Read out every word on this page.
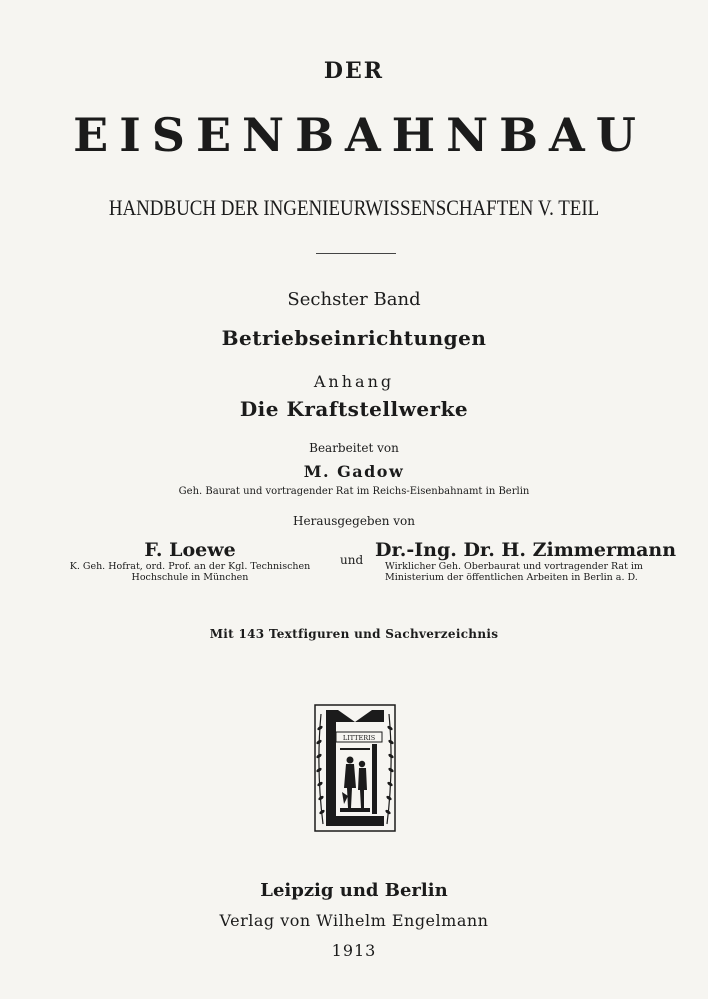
DER
EISENBAHNBAU
HANDBUCH DER INGENIEURWISSENSCHAFTEN V. TEIL
Sechster Band
Betriebseinrichtungen
Anhang
Die Kraftstellwerke
Bearbeitet von
M. Gadow
Geh. Baurat und vortragender Rat im Reichs-Eisenbahnamt in Berlin
Herausgegeben von
F. Loewe
K. Geh. Hofrat, ord. Prof. an der Kgl. Technischen
Hochschule in München
und Dr.-Ing. Dr. H. Zimmermann
Wirklicher Geh. Oberbaurat und vortragender Rat im
Ministerium der öffentlichen Arbeiten in Berlin a. D.
Mit 143 Textfiguren und Sachverzeichnis
LITTERIS
Leipzig und Berlin
Verlag von Wilhelm Engelmann
1913
